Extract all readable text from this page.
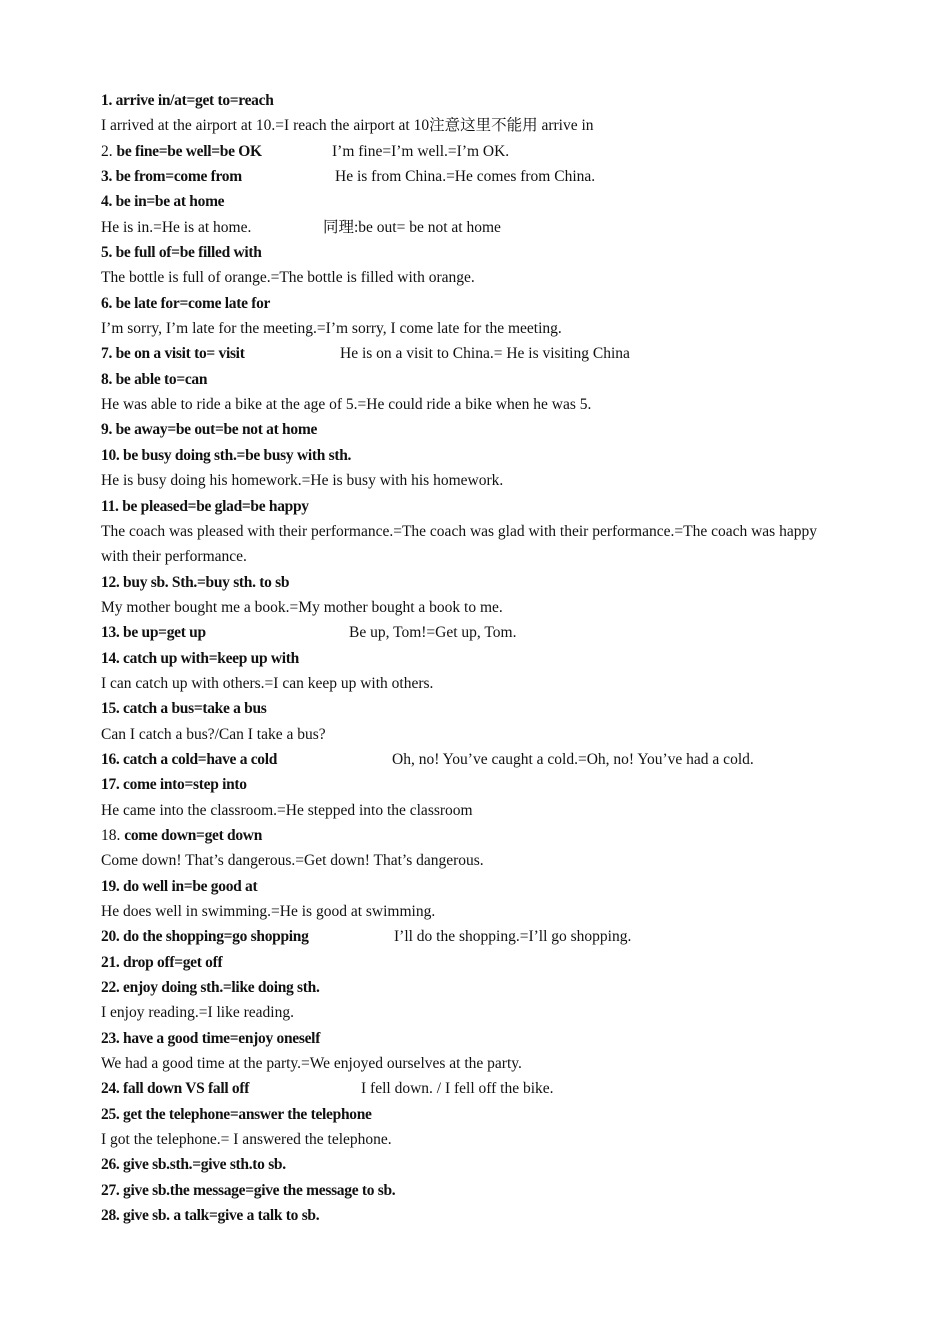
1. arrive in/at=get to=reach
I arrived at the airport at 10.=I reach the airport at 10注意这里不能用 arrive in
2. be fine=be well=be OK	I’m fine=I’m well.=I’m OK.
3. be from=come from	He is from China.=He comes from China.
4. be in=be at home
He is in.=He is at home.	同理:be out= be not at home
5. be full of=be filled with
The bottle is full of orange.=The bottle is filled with orange.
6. be late for=come late for
I’m sorry, I’m late for the meeting.=I’m sorry, I come late for the meeting.
7. be on a visit to= visit	He is on a visit to China.= He is visiting China
8. be able to=can
He was able to ride a bike at the age of 5.=He could ride a bike when he was 5.
9. be away=be out=be not at home
10. be busy doing sth.=be busy with sth.
He is busy doing his homework.=He is busy with his homework.
11. be pleased=be glad=be happy
The coach was pleased with their performance.=The coach was glad with their performance.=The coach was happy with their performance.
12. buy sb. Sth.=buy sth. to sb
My mother bought me a book.=My mother bought a book to me.
13. be up=get up	Be up, Tom!=Get up, Tom.
14. catch up with=keep up with
I can catch up with others.=I can keep up with others.
15. catch a bus=take a bus
Can I catch a bus?/Can I take a bus?
16. catch a cold=have a cold	Oh, no! You’ve caught a cold.=Oh, no! You’ve had a cold.
17. come into=step into
He came into the classroom.=He stepped into the classroom
18. come down=get down
Come down! That’s dangerous.=Get down! That’s dangerous.
19. do well in=be good at
He does well in swimming.=He is good at swimming.
20. do the shopping=go shopping	I’ll do the shopping.=I’ll go shopping.
21. drop off=get off
22. enjoy doing sth.=like doing sth.
I enjoy reading.=I like reading.
23. have a good time=enjoy oneself
We had a good time at the party.=We enjoyed ourselves at the party.
24. fall down VS fall off	I fell down. / I fell off the bike.
25. get the telephone=answer the telephone
I got the telephone.= I answered the telephone.
26. give sb.sth.=give sth.to sb.
27. give sb.the message=give the message to sb.
28. give sb. a talk=give a talk to sb.
